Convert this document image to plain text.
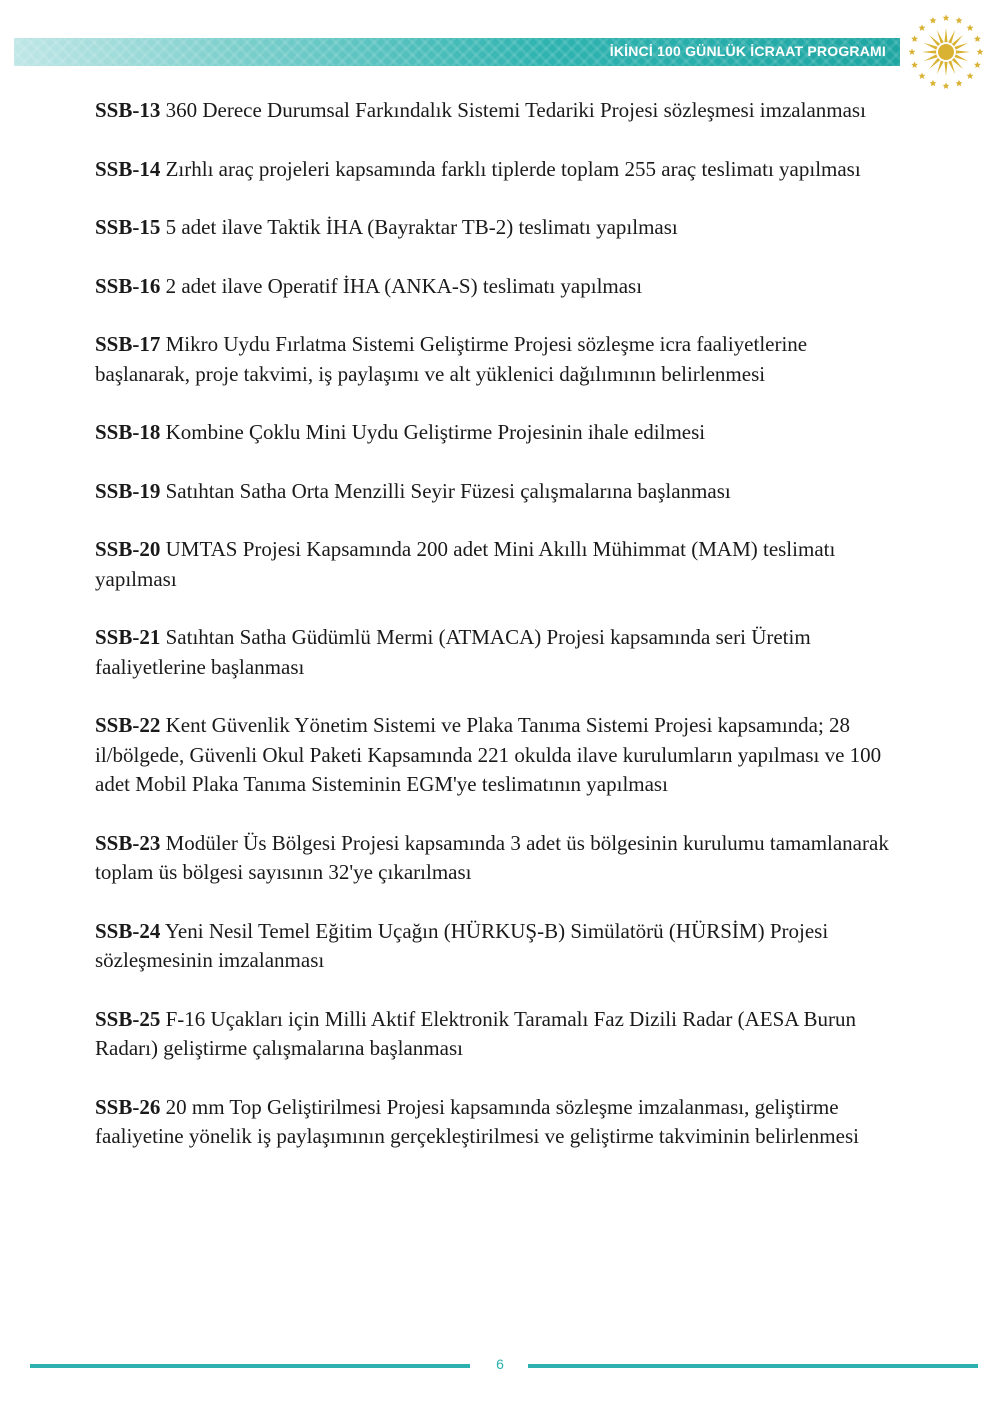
İKİNCİ 100 GÜNLÜK İCRAAT PROGRAMI

SSB-13 360 Derece Durumsal Farkındalık Sistemi Tedariki Projesi sözleşmesi imzalanması

SSB-14 Zırhlı araç projeleri kapsamında farklı tiplerde toplam 255 araç teslimatı yapılması

SSB-15 5 adet ilave Taktik İHA (Bayraktar TB-2) teslimatı yapılması

SSB-16 2 adet ilave Operatif İHA (ANKA-S) teslimatı yapılması

SSB-17 Mikro Uydu Fırlatma Sistemi Geliştirme Projesi sözleşme icra faaliyetlerine başlanarak, proje takvimi, iş paylaşımı ve alt yüklenici dağılımının belirlenmesi

SSB-18 Kombine Çoklu Mini Uydu Geliştirme Projesinin ihale edilmesi

SSB-19 Satıhtan Satha Orta Menzilli Seyir Füzesi çalışmalarına başlanması

SSB-20 UMTAS Projesi Kapsamında 200 adet Mini Akıllı Mühimmat (MAM) teslimatı yapılması

SSB-21 Satıhtan Satha Güdümlü Mermi (ATMACA) Projesi kapsamında seri Üretim faaliyetlerine başlanması

SSB-22 Kent Güvenlik Yönetim Sistemi ve Plaka Tanıma Sistemi Projesi kapsamında; 28 il/bölgede, Güvenli Okul Paketi Kapsamında 221 okulda ilave kurulumların yapılması ve 100 adet Mobil Plaka Tanıma Sisteminin EGM'ye teslimatının yapılması

SSB-23 Modüler Üs Bölgesi Projesi kapsamında 3 adet üs bölgesinin kurulumu tamamlanarak toplam üs bölgesi sayısının 32'ye çıkarılması

SSB-24 Yeni Nesil Temel Eğitim Uçağın (HÜRKUŞ-B) Simülatörü (HÜRSİM) Projesi sözleşmesinin imzalanması

SSB-25 F-16 Uçakları için Milli Aktif Elektronik Taramalı Faz Dizili Radar (AESA Burun Radarı) geliştirme çalışmalarına başlanması

SSB-26 20 mm Top Geliştirilmesi Projesi kapsamında sözleşme imzalanması, geliştirme faaliyetine yönelik iş paylaşımının gerçekleştirilmesi ve geliştirme takviminin belirlenmesi

6
